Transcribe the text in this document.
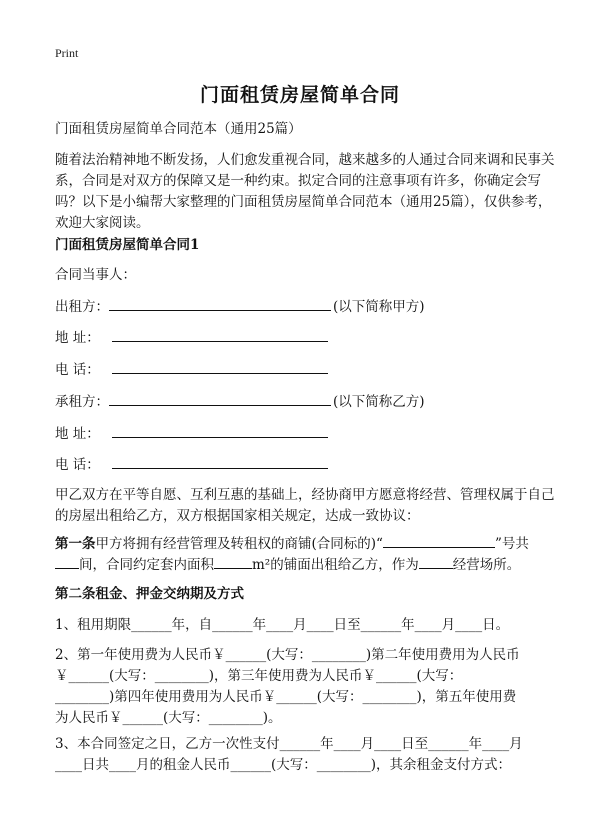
Print
门面租赁房屋简单合同

门面租赁房屋简单合同范本（通用25篇）

随着法治精神地不断发扬，人们愈发重视合同，越来越多的人通过合同来调和民事关系，合同是对双方的保障又是一种约束。拟定合同的注意事项有许多，你确定会写吗？以下是小编帮大家整理的门面租赁房屋简单合同范本（通用25篇），仅供参考，欢迎大家阅读。

门面租赁房屋简单合同1

合同当事人：

出租方：	(以下简称甲方)
地 址：
电 话：
承租方：	(以下简称乙方)
地 址：
电 话：

甲乙双方在平等自愿、互利互惠的基础上，经协商甲方愿意将经营、管理权属于自己的房屋出租给乙方，双方根据国家相关规定，达成一致协议：

第一条甲方将拥有经营管理及转租权的商铺(合同标的)“	”号共
间，合同约定套内面积	m²的铺面出租给乙方，作为	经营场所。

第二条租金、押金交纳期及方式

1、租用期限______年，自______年____月____日至______年____月____日。

2、第一年使用费为人民币￥______(大写：________)第二年使用费用为人民币

￥______(大写：________)，第三年使用费为人民币￥______(大写：

________)第四年使用费用为人民币￥______(大写：________)，第五年使用费

为人民币￥______(大写：________)。

3、本合同签定之日，乙方一次性支付______年____月____日至______年____月

____日共____月的租金人民币______(大写：________)，其余租金支付方式：
